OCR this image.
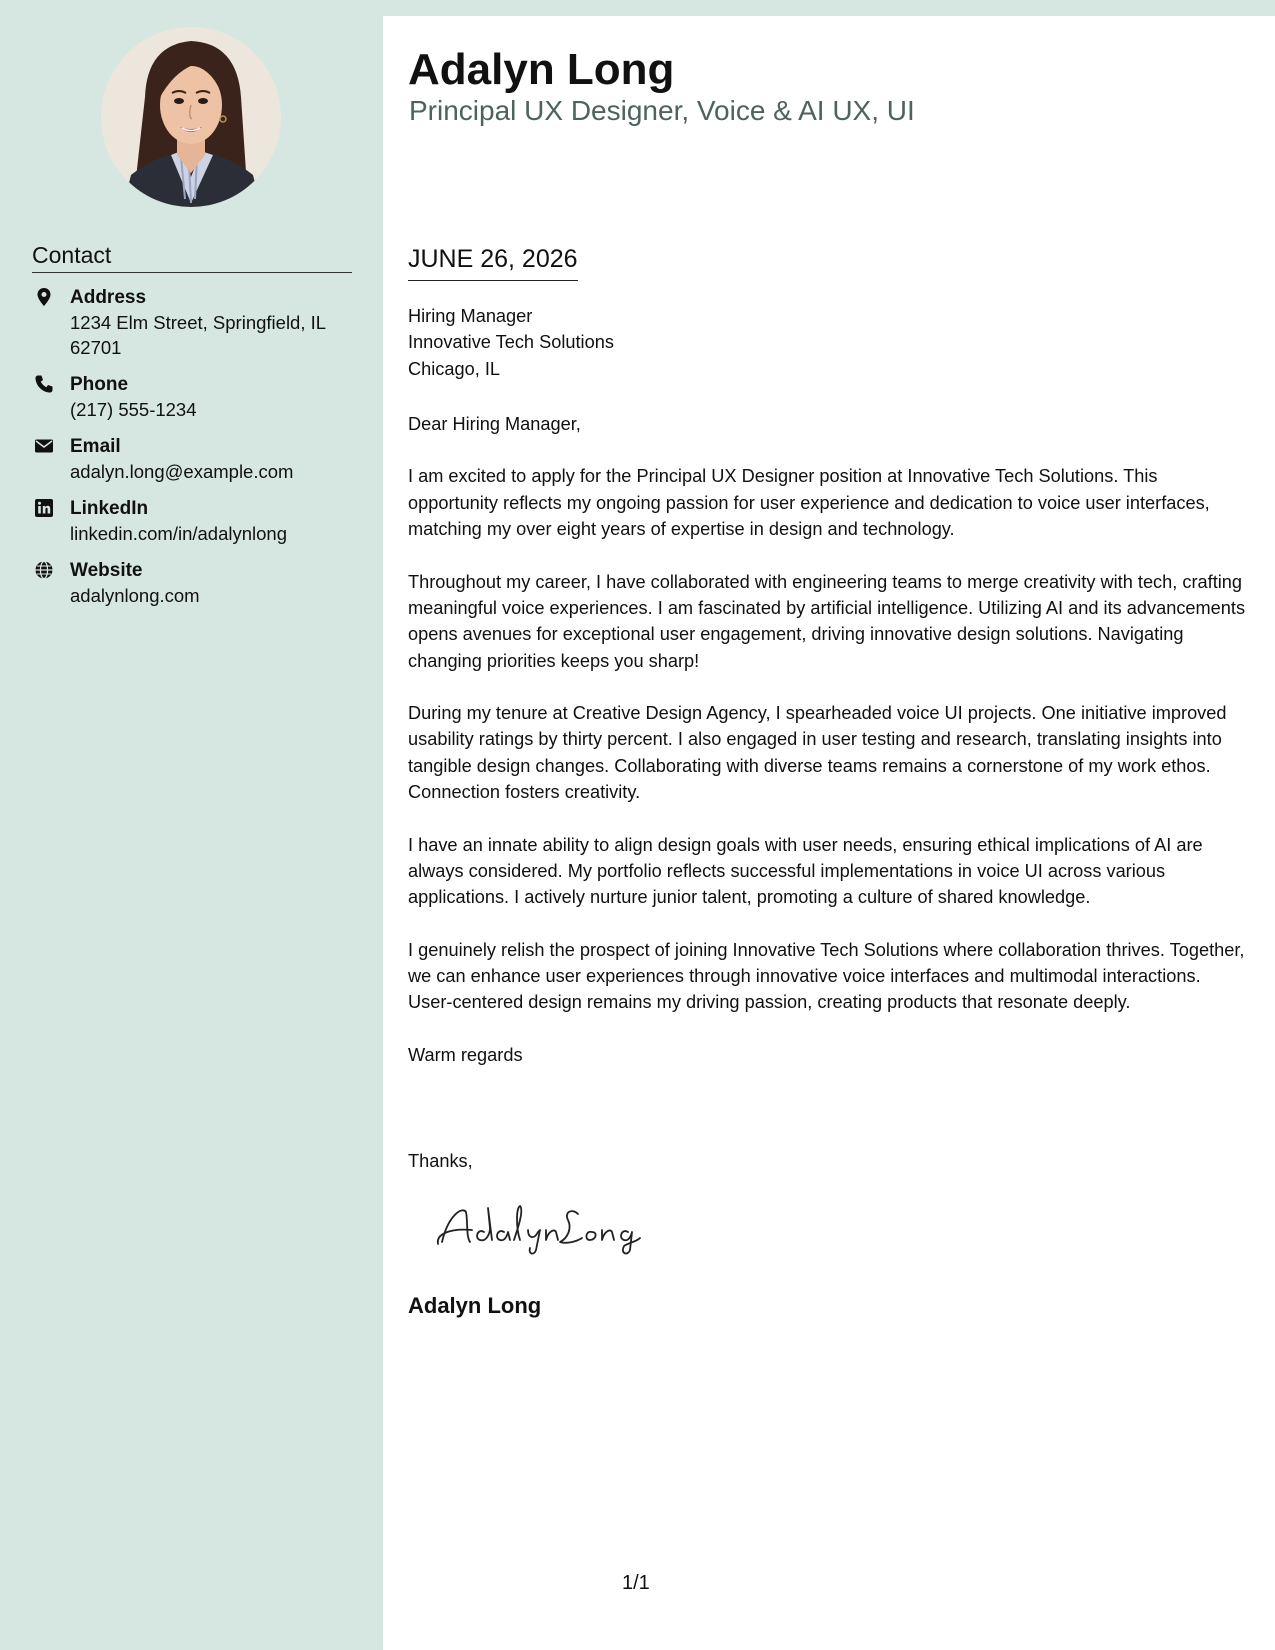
Contact
Address
1234 Elm Street, Springfield, IL 62701
Phone
(217) 555-1234
Email
adalyn.long@example.com
LinkedIn
linkedin.com/in/adalynlong
Website
adalynlong.com
Adalyn Long
Principal UX Designer, Voice & AI UX, UI
JUNE 26, 2026
Hiring Manager
Innovative Tech Solutions
Chicago, IL

Dear Hiring Manager,

I am excited to apply for the Principal UX Designer position at Innovative Tech Solutions. This opportunity reflects my ongoing passion for user experience and dedication to voice user interfaces, matching my over eight years of expertise in design and technology.

Throughout my career, I have collaborated with engineering teams to merge creativity with tech, crafting meaningful voice experiences. I am fascinated by artificial intelligence. Utilizing AI and its advancements opens avenues for exceptional user engagement, driving innovative design solutions. Navigating changing priorities keeps you sharp!

During my tenure at Creative Design Agency, I spearheaded voice UI projects. One initiative improved usability ratings by thirty percent. I also engaged in user testing and research, translating insights into tangible design changes. Collaborating with diverse teams remains a cornerstone of my work ethos. Connection fosters creativity.

I have an innate ability to align design goals with user needs, ensuring ethical implications of AI are always considered. My portfolio reflects successful implementations in voice UI across various applications. I actively nurture junior talent, promoting a culture of shared knowledge.

I genuinely relish the prospect of joining Innovative Tech Solutions where collaboration thrives. Together, we can enhance user experiences through innovative voice interfaces and multimodal interactions. User-centered design remains my driving passion, creating products that resonate deeply.

Warm regards

Thanks,
Adalyn Long
1/1
